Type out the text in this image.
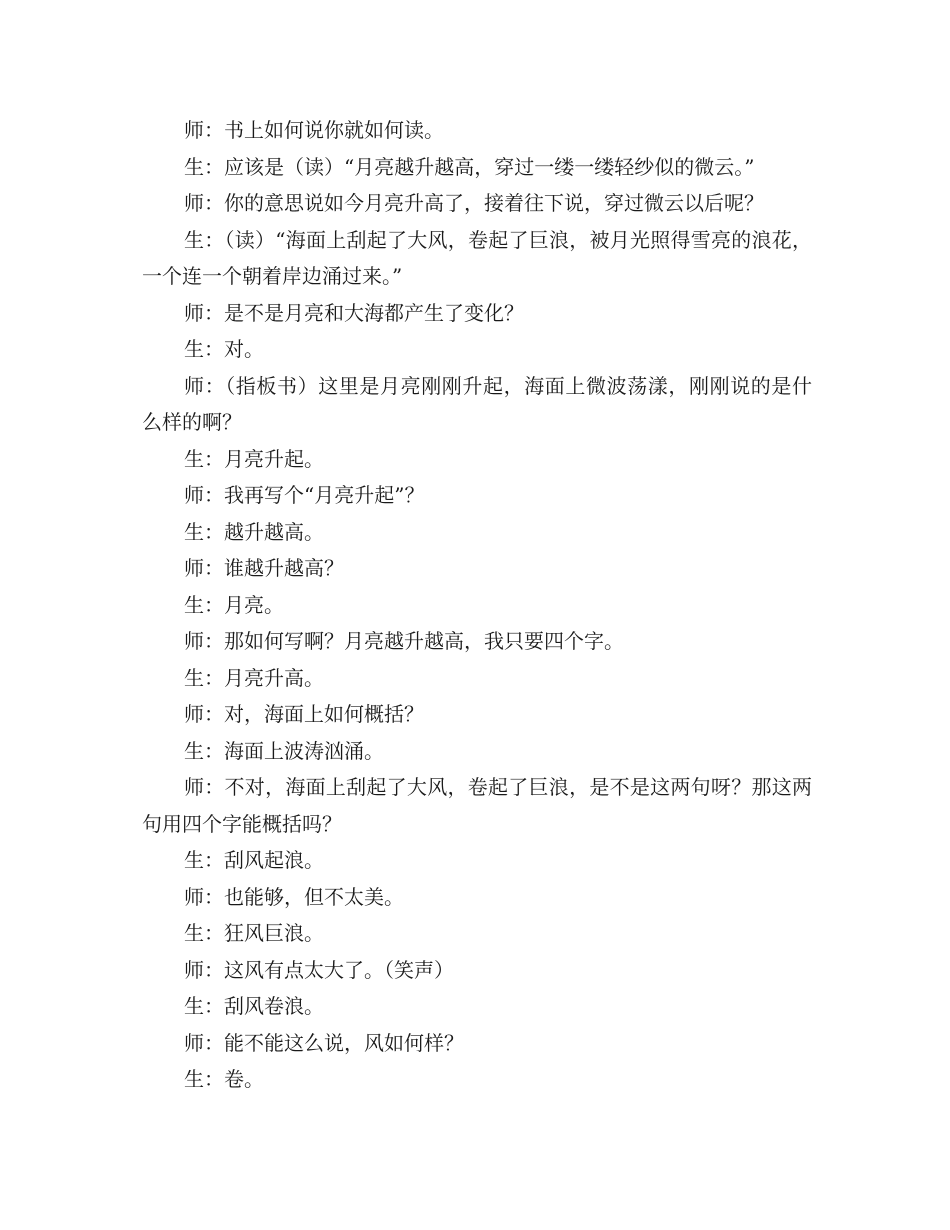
师：书上如何说你就如何读。

生：应该是（读）“月亮越升越高，穿过一缕一缕轻纱似的微云。”

师：你的意思说如今月亮升高了，接着往下说，穿过微云以后呢？

生：（读）“海面上刮起了大风，卷起了巨浪，被月光照得雪亮的浪花，一个连一个朝着岸边涌过来。”

师：是不是月亮和大海都产生了变化？

生：对。

师：（指板书）这里是月亮刚刚升起，海面上微波荡漾，刚刚说的是什么样的啊？

生：月亮升起。

师：我再写个“月亮升起”？

生：越升越高。

师：谁越升越高？

生：月亮。

师：那如何写啊？月亮越升越高，我只要四个字。

生：月亮升高。

师：对，海面上如何概括？

生：海面上波涛汹涌。

师：不对，海面上刮起了大风，卷起了巨浪，是不是这两句呀？那这两句用四个字能概括吗？

生：刮风起浪。

师：也能够，但不太美。

生：狂风巨浪。

师：这风有点太大了。（笑声）

生：刮风卷浪。

师：能不能这么说，风如何样？

生：卷。
